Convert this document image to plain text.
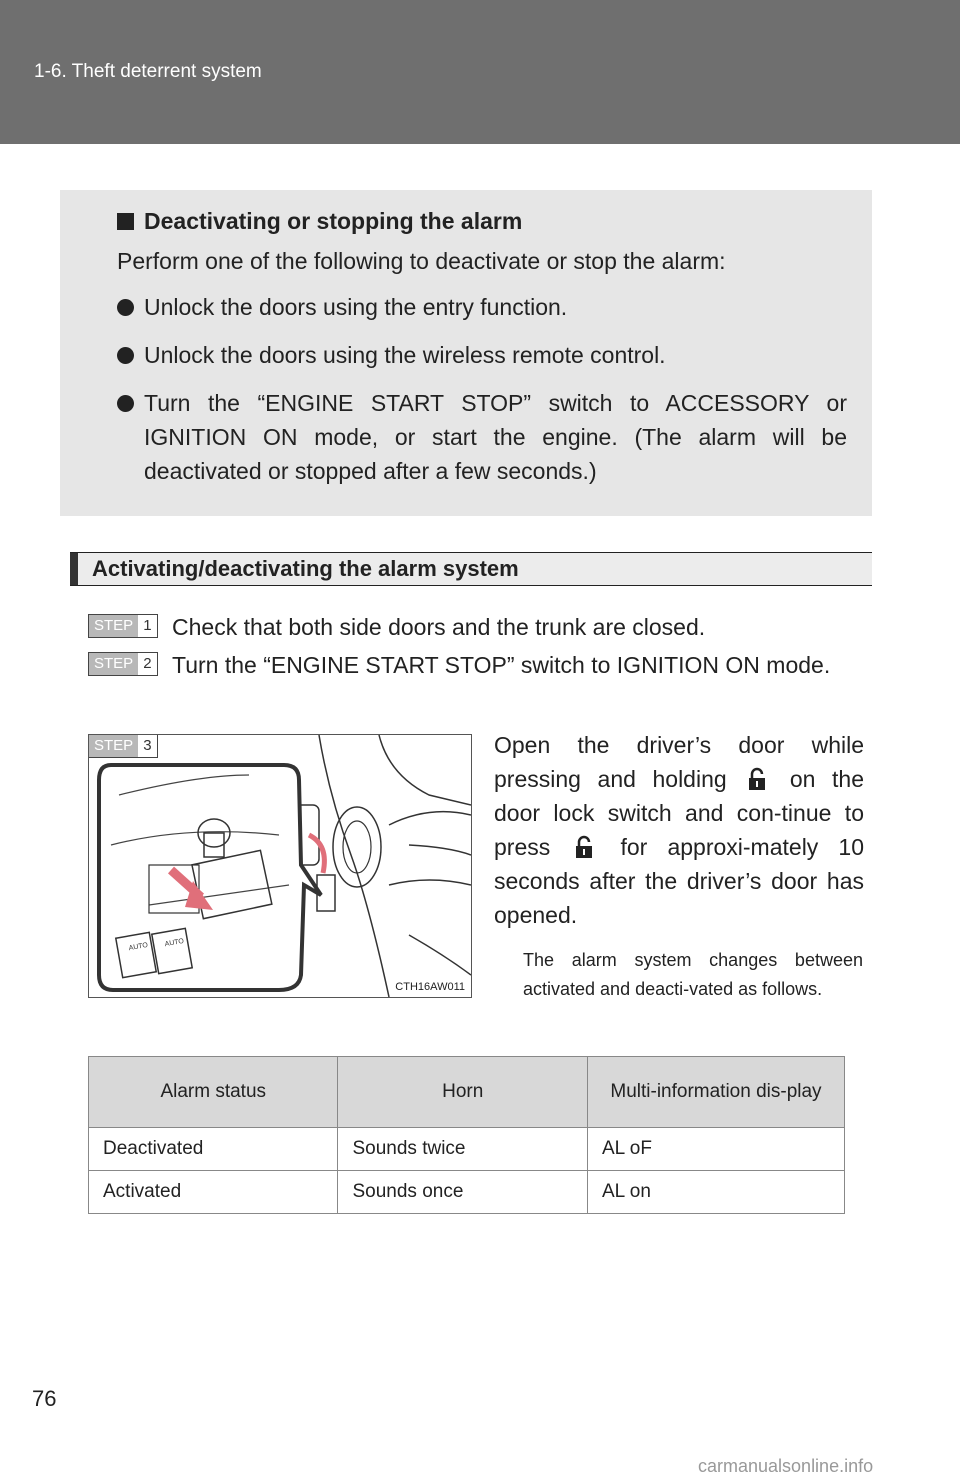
1-6. Theft deterrent system
Deactivating or stopping the alarm
Perform one of the following to deactivate or stop the alarm:
Unlock the doors using the entry function.
Unlock the doors using the wireless remote control.
Turn the “ENGINE START STOP” switch to ACCESSORY or IGNITION ON mode, or start the engine. (The alarm will be deactivated or stopped after a few seconds.)
Activating/deactivating the alarm system
STEP 1 Check that both side doors and the trunk are closed.
STEP 2 Turn the “ENGINE START STOP” switch to IGNITION ON mode.
STEP 3
AUTO AUTO
CTH16AW011
Open the driver’s door while pressing and holding	on the door lock switch and con-tinue to press	for approxi-mately 10 seconds after the driver’s door has opened.
The alarm system changes between activated and deacti-vated as follows.
Alarm status	Horn	Multi-information dis-play
Deactivated	Sounds twice	AL oF
Activated	Sounds once	AL on
76
carmanualsonline.info
